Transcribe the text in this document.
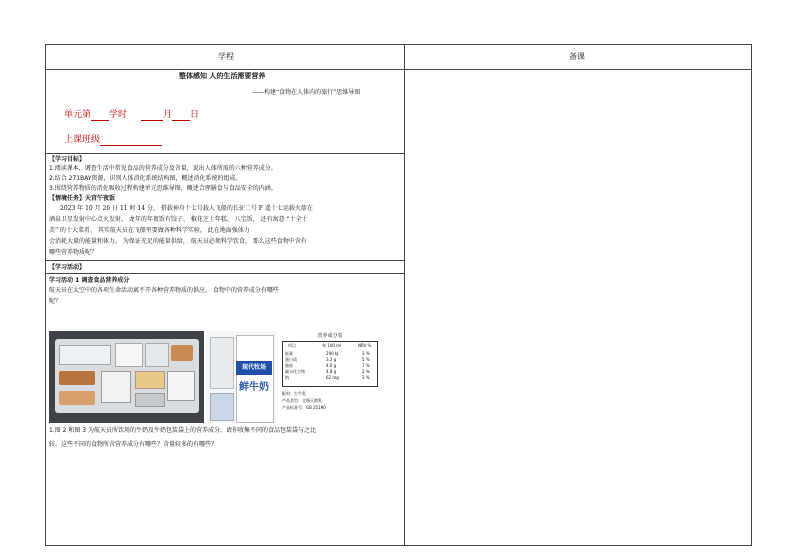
学程	备课
整体感知 人的生活需要营养
——构建“食物在人体内的旅行”思维导图
单元第 学时	月 日
上课班级
【学习目标】
1.阅读课本，调查生活中常见食品的营养成分及含量，说出人体所需的六种营养成分。
2.结合 271BAY资源，识别人体消化系统结构图，概述消化系统的组成。
3.围绕营养物质的消化吸收过程构建单元思维导图，概述合理膳食与食品安全的内涵。
【情境任务】天宫午夜饭
2023 年 10 月 26 日 11 时 14 分， 搭载神舟十七号载人飞船的长征二号 F 遥十七运载火箭在
酒泉卫星发射中心点火发射。 龙年的年夜饭有饺子、 椒花芝士年糕、 八宝饭， 还有寓意 “十全十
美” 的十大菜肴， 其实航天员在飞船里要做各种科学实验， 此在地面强体力
会消耗大量的能量和体力。 为保证充足的能量供给， 航天员必须科学饮食。 那么这些食物中含有
哪些营养物质呢？
【学习活动】
学习活动 1 调查食品营养成分
航天员在太空中的各项生命活动离不开各种营养物质的供应。 食物中的营养成分有哪些
呢？
现代牧场
鲜牛奶
营养成分表
项目	每 100 ml	NRV %
能量	290 kJ	3 %
蛋白质	3.2 g	5 %
脂肪	4.0 g	7 %
碳水化合物	4.8 g	2 %
钠	62 mg	3 %
配料：生牛乳
产品类型：全脂灭菌乳
产品标准号：GB 25190
1.图 2 和图 3 为航天员所饮用的牛奶及牛奶包装袋上的营养成分，请你收集不同的食品包装袋与之比
较。这些不同的食物所含营养成分有哪些？含量较多的有哪些？
